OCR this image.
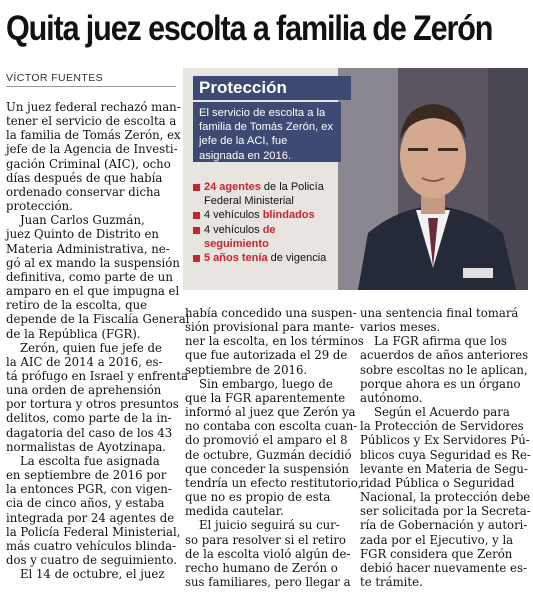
Quita juez escolta a familia de Zerón
VÍCTOR FUENTES

Un juez federal rechazó man-
tener el servicio de escolta a
la familia de Tomás Zerón, ex
jefe de la Agencia de Investi-
gación Criminal (AIC), ocho
días después de que había
ordenado conservar dicha
protección.

Juan Carlos Guzmán,
juez Quinto de Distrito en
Materia Administrativa, ne-
gó al ex mando la suspensión
definitiva, como parte de un
amparo en el que impugna el
retiro de la escolta, que
depende de la Fiscalía General
de la República (FGR).

Zerón, quien fue jefe de
la AIC de 2014 a 2016, es-
tá prófugo en Israel y enfrenta
una orden de aprehensión
por tortura y otros presuntos
delitos, como parte de la in-
dagatoria del caso de los 43
normalistas de Ayotzinapa.

La escolta fue asignada
en septiembre de 2016 por
la entonces PGR, con vigen-
cia de cinco años, y estaba
integrada por 24 agentes de
la Policía Federal Ministerial,
más cuatro vehículos blinda-
dos y cuatro de seguimiento.

El 14 de octubre, el juez

había concedido una suspen-
sión provisional para mante-
ner la escolta, en los términos
que fue autorizada el 29 de
septiembre de 2016.

Sin embargo, luego de
que la FGR aparentemente
informó al juez que Zerón ya
no contaba con escolta cuan-
do promovió el amparo el 8
de octubre, Guzmán decidió
que conceder la suspensión
tendría un efecto restitutorio,
que no es propio de esta
medida cautelar.

El juicio seguirá su cur-
so para resolver si el retiro
de la escolta violó algún de-
recho humano de Zerón o
sus familiares, pero llegar a

una sentencia final tomará
varios meses.

La FGR afirma que los
acuerdos de años anteriores
sobre escoltas no le aplican,
porque ahora es un órgano
autónomo.

Según el Acuerdo para
la Protección de Servidores
Públicos y Ex Servidores Pú-
blicos cuya Seguridad es Re-
levante en Materia de Segu-
ridad Pública o Seguridad
Nacional, la protección debe
ser solicitada por la Secreta-
ría de Gobernación y autori-
zada por el Ejecutivo, y la
FGR considera que Zerón
debió hacer nuevamente es-
te trámite.

Protección
El servicio de escolta a la familia de Tomás Zerón, ex jefe de la ACI, fue asignada en 2016.
24 agentes de la Policía Federal Ministerial
4 vehículos blindados
4 vehículos de seguimiento
5 años tenía de vigencia
